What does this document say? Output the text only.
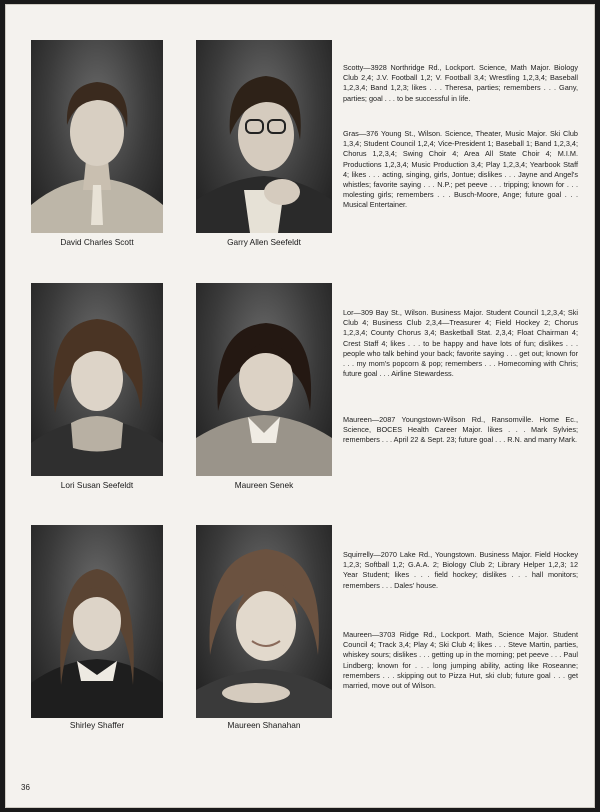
David Charles Scott	Garry Allen Seefeldt
Scotty—3928 Northridge Rd., Lockport. Science, Math Major. Biology Club 2,4; J.V. Football 1,2; V. Football 3,4; Wrestling 1,2,3,4; Baseball 1,2,3,4; Band 1,2,3; likes . . . Theresa, parties; remembers . . . Gany, parties; goal . . . to be successful in life.
Gras—376 Young St., Wilson. Science, Theater, Music Major. Ski Club 1,3,4; Student Council 1,2,4; Vice-President 1; Baseball 1; Band 1,2,3,4; Chorus 1,2,3,4; Swing Choir 4; Area All State Choir 4; M.I.M. Productions 1,2,3,4; Music Production 3,4; Play 1,2,3,4; Yearbook Staff 4; likes . . . acting, singing, girls, Jontue; dislikes . . . Jayne and Angel's whistles; favorite saying . . . N.P.; pet peeve . . . tripping; known for . . . molesting girls; remembers . . . Busch-Moore, Ange; future goal . . . Musical Entertainer.
Lori Susan Seefeldt	Maureen Senek
Lor—309 Bay St., Wilson. Business Major. Student Council 1,2,3,4; Ski Club 4; Business Club 2,3,4—Treasurer 4; Field Hockey 2; Chorus 1,2,3,4; County Chorus 3,4; Basketball Stat. 2,3,4; Float Chairman 4; Crest Staff 4; likes . . . to be happy and have lots of fun; dislikes . . . people who talk behind your back; favorite saying . . . get out; known for . . . my mom's popcorn & pop; remembers . . . Homecoming with Chris; future goal . . . Airline Stewardess.
Maureen—2087 Youngstown-Wilson Rd., Ransomville. Home Ec., Science, BOCES Health Career Major. likes . . . Mark Sylvies; remembers . . . April 22 & Sept. 23; future goal . . . R.N. and marry Mark.
Shirley Shaffer	Maureen Shanahan
Squirrelly—2070 Lake Rd., Youngstown. Business Major. Field Hockey 1,2,3; Softball 1,2; G.A.A. 2; Biology Club 2; Library Helper 1,2,3; 12 Year Student; likes . . . field hockey; dislikes . . . hall monitors; remembers . . . Dales' house.
Maureen—3703 Ridge Rd., Lockport. Math, Science Major. Student Council 4; Track 3,4; Play 4; Ski Club 4; likes . . . Steve Martin, parties, whiskey sours; dislikes . . . getting up in the morning; pet peeve . . . Paul Lindberg; known for . . . long jumping ability, acting like Roseanne; remembers . . . skipping out to Pizza Hut, ski club; future goal . . . get married, move out of Wilson.
36
